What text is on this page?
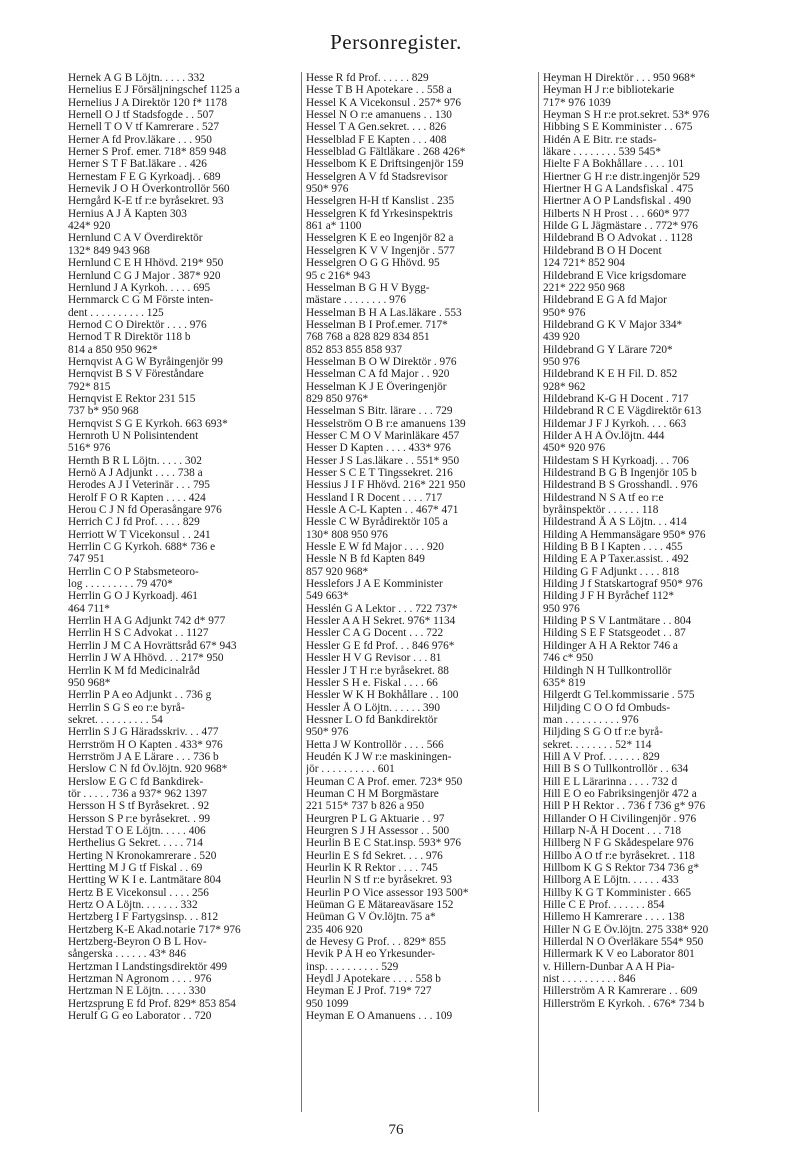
Personregister.
Hernek A G B Löjtn. . . . . 332
Hernelius E J Försäljningschef 1125 a
Hernelius J A Direktör 120 f* 1178
Hernell O J tf Stadsfogde . . 507
Hernell T O V tf Kamrerare . 527
Herner A fd Prov.läkare . . . 950
Herner S Prof. emer. 718* 859 948
Herner S T F Bat.läkare . . 426
Hernestam F E G Kyrkoadj. . 689
Hernevik J O H Överkontrollör 560
Herngård K-E tf r:e byråsekret. 93
Hernius A J Å Kapten 303
424* 920
Hernlund C A V Överdirektör
132* 849 943 968
Hernlund C E H Hhövd. 219* 950
Hernlund C G J Major . 387* 920
Hernlund J A Kyrkoh. . . . . 695
Hernmarck C G M Förste inten-
dent . . . . . . . . . . 125
Hernod C O Direktör . . . . 976
Hernod T R Direktör 118 b
814 a 850 950 962*
Hernqvist A G W Byråingenjör 99
Hernqvist B S V Föreståndare
792* 815
Hernqvist E Rektor 231 515
737 b* 950 968
Hernqvist S G E Kyrkoh. 663 693*
Hernroth U N Polisintendent
516* 976
Hernth B R L Löjtn. . . . . 302
Hernö A J Adjunkt . . . . 738 a
Herodes A J I Veterinär . . . 795
Herolf F O R Kapten . . . . 424
Herou C J N fd Operasångare 976
Herrich C J fd Prof. . . . . 829
Herriott W T Vicekonsul . . 241
Herrlin C G Kyrkoh. 688* 736 e
747 951
Herrlin C O P Stabsmeteoro-
log . . . . . . . . . 79 470*
Herrlin G O J Kyrkoadj. 461
464 711*
Herrlin H A G Adjunkt 742 d* 977
Herrlin H S C Advokat . . 1127
Herrlin J M C A Hovrättsråd 67* 943
Herrlin J W A Hhövd. . . 217* 950
Herrlin K M fd Medicinalråd
950 968*
Herrlin P A eo Adjunkt . . 736 g
Herrlin S G S eo r:e byrå-
sekret. . . . . . . . . . 54
Herrlin S J G Häradsskriv. . . 477
Herrström H O Kapten . 433* 976
Herrström J A E Lärare . . . 736 b
Herslow C N fd Öv.löjtn. 920 968*
Herslow E G C fd Bankdirek-
tör . . . . . 736 a 937* 962 1397
Hersson H S tf Byråsekret. . 92
Hersson S P r:e byråsekret. . 99
Herstad T O E Löjtn. . . . . 406
Herthelius G Sekret. . . . . 714
Herting N Kronokamrerare . 520
Hertting M J G tf Fiskal . . 69
Hertting W K I e. Lantmätare 804
Hertz B E Vicekonsul . . . . 256
Hertz O A Löjtn. . . . . . . 332
Hertzberg I F Fartygsinsp. . . 812
Hertzberg K-E Akad.notarie 717* 976
Hertzberg-Beyron O B L Hov-
sångerska . . . . . . 43* 846
Hertzman I Landstingsdirektör 499
Hertzman N Agronom . . . . 976
Hertzman N E Löjtn. . . . . 330
Hertzsprung E fd Prof. 829* 853 854
Herulf G G eo Laborator . . 720
Hesse R fd Prof. . . . . . 829
Hesse T B H Apotekare . . 558 a
Hessel K A Vicekonsul . 257* 976
Hessel N O r:e amanuens . . 130
Hessel T A Gen.sekret. . . . 826
Hesselblad F E Kapten . . . 408
Hesselblad G Fältläkare . 268 426*
Hesselbom K E Driftsingenjör 159
Hesselgren A V fd Stadsrevisor
950* 976
Hesselgren H-H tf Kanslist . 235
Hesselgren K fd Yrkesinspektris
861 a* 1100
Hesselgren K E eo Ingenjör 82 a
Hesselgren K V V Ingenjör . 577
Hesselgren O G G Hhövd. 95
95 c 216* 943
Hesselman B G H V Bygg-
mästare . . . . . . . . 976
Hesselman B H A Las.läkare . 553
Hesselman B I Prof.emer. 717*
768 768 a 828 829 834 851
852 853 855 858 937
Hesselman B O W Direktör . 976
Hesselman C A fd Major . . 920
Hesselman K J E Överingenjör
829 850 976*
Hesselman S Bitr. lärare . . . 729
Hesselström O B r:e amanuens 139
Hesser C M O V Marinläkare 457
Hesser D Kapten . . . . 433* 976
Hesser J S Las.läkare . . 551* 950
Hesser S C E T Tingssekret. 216
Hessius J I F Hhövd. 216* 221 950
Hessland I R Docent . . . . 717
Hessle A C-L Kapten . . 467* 471
Hessle C W Byrådirektör 105 a
130* 808 950 976
Hessle E W fd Major . . . . 920
Hessle N B fd Kapten 849
857 920 968*
Hesslefors J A E Komminister
549 663*
Hesslén G A Lektor . . . 722 737*
Hessler A A H Sekret. 976* 1134
Hessler C A G Docent . . . 722
Hessler G E fd Prof. . . 846 976*
Hessler H V G Revisor . . . 81
Hessler J T H r:e byråsekret. 88
Hessler S H e. Fiskal . . . . 66
Hessler W K H Bokhållare . . 100
Hessler Å O Löjtn. . . . . . 390
Hessner L O fd Bankdirektör
950* 976
Hetta J W Kontrollör . . . . 566
Heudén K J W r:e maskiningen-
jör . . . . . . . . . . 601
Heuman C A Prof. emer. 723* 950
Heuman C H M Borgmästare
221 515* 737 b 826 a 950
Heurgren P L G Aktuarie . . 97
Heurgren S J H Assessor . . 500
Heurlin B E C Stat.insp. 593* 976
Heurlin E S fd Sekret. . . . 976
Heurlin K R Rektor . . . . 745
Heurlin N S tf r:e byråsekret. 93
Heurlin P O Vice assessor 193 500*
Heüman G E Mätareaväsare 152
Heüman G V Öv.löjtn. 75 a*
235 406 920
de Hevesy G Prof. . . 829* 855
Hevik P A H eo Yrkesunder-
insp. . . . . . . . . . 529
Heydl J Apotekare . . . . 558 b
Heyman E J Prof. 719* 727
950 1099
Heyman E O Amanuens . . . 109
Heyman H Direktör . . . 950 968*
Heyman H J r:e bibliotekarie
717* 976 1039
Heyman S H r:e prot.sekret. 53* 976
Hibbing S E Komminister . . 675
Hidén A E Bitr. r:e stads-
läkare . . . . . . . . 539 545*
Hielte F A Bokhållare . . . . 101
Hiertner G H r:e distr.ingenjör 529
Hiertner H G A Landsfiskal . 475
Hiertner A O P Landsfiskal . 490
Hilberts N H Prost . . . 660* 977
Hilde G L Jägmästare . . 772* 976
Hildebrand B O Advokat . . 1128
Hildebrand B O H Docent
124 721* 852 904
Hildebrand E Vice krigsdomare
221* 222 950 968
Hildebrand E G A fd Major
950* 976
Hildebrand G K V Major 334*
439 920
Hildebrand G Y Lärare 720*
950 976
Hildebrand K E H Fil. D. 852
928* 962
Hildebrand K-G H Docent . 717
Hildebrand R C E Vägdirektör 613
Hildemar J F J Kyrkoh. . . . 663
Hilder A H A Öv.löjtn. 444
450* 920 976
Hildestam S H Kyrkoadj. . . 706
Hildestrand B G B Ingenjör 105 b
Hildestrand B S Grosshandl. . 976
Hildestrand N S A tf eo r:e
byråinspektör . . . . . . 118
Hildestrand Å A S Löjtn. . . 414
Hilding A Hemmansägare 950* 976
Hilding B B I Kapten . . . . 455
Hilding E A P Taxer.assist. . 492
Hilding G F Adjunkt . . . . 818
Hilding J f Statskartograf 950* 976
Hilding J F H Byråchef 112*
950 976
Hilding P S V Lantmätare . . 804
Hilding S E F Statsgeodet . . 87
Hildinger A H A Rektor 746 a
746 c* 950
Hildingh N H Tullkontrollör
635* 819
Hilgerdt G Tel.kommissarie . 575
Hiljding C O O fd Ombuds-
man . . . . . . . . . . 976
Hiljding S G O tf r:e byrå-
sekret. . . . . . . . 52* 114
Hill A V Prof. . . . . . . 829
Hill B S O Tullkontrollör . . 634
Hill E L Lärarinna . . . . 732 d
Hill E O eo Fabriksingenjör 472 a
Hill P H Rektor . . 736 f 736 g* 976
Hillander O H Civilingenjör . 976
Hillarp N-Å H Docent . . . 718
Hillberg N F G Skådespelare 976
Hillbo A O tf r:e byråsekret. . 118
Hillbom K G S Rektor 734 736 g*
Hillborg A E Löjtn. . . . . . 433
Hillby K G T Komminister . 665
Hille C E Prof. . . . . . . 854
Hillemo H Kamrerare . . . . 138
Hiller N G E Öv.löjtn. 275 338* 920
Hillerdal N O Överläkare 554* 950
Hillermark K V eo Laborator 801
v. Hillern-Dunbar A A H Pia-
nist . . . . . . . . . . 846
Hillerström A R Kamrerare . . 609
Hillerström E Kyrkoh. . 676* 734 b
76
